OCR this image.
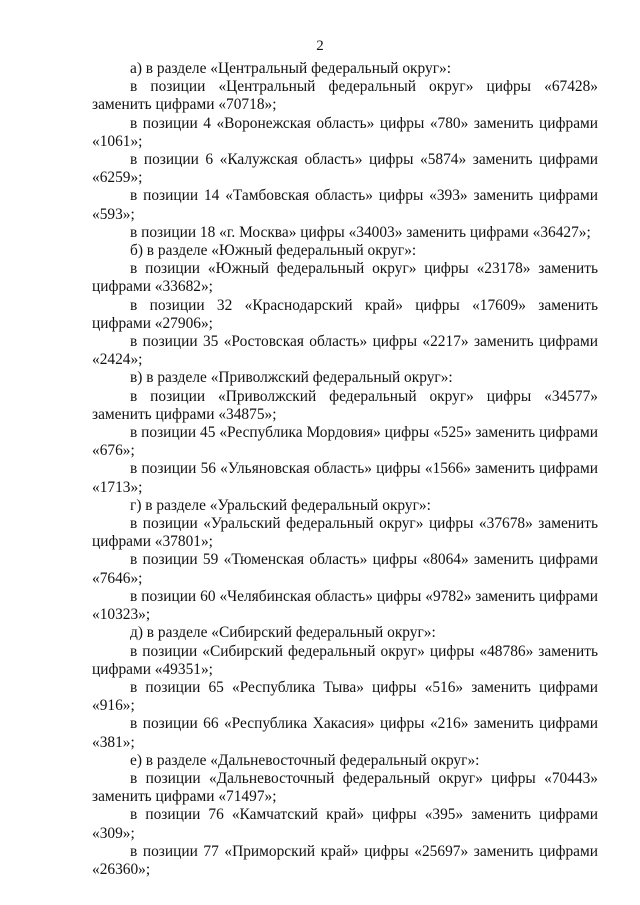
2

а) в разделе «Центральный федеральный округ»:

в позиции «Центральный федеральный округ» цифры «67428» заменить цифрами «70718»;

в позиции 4 «Воронежская область» цифры «780» заменить цифрами «1061»;

в позиции 6 «Калужская область» цифры «5874» заменить цифрами «6259»;

в позиции 14 «Тамбовская область» цифры «393» заменить цифрами «593»;

в позиции 18 «г. Москва» цифры «34003» заменить цифрами «36427»;

б) в разделе «Южный федеральный округ»:

в позиции «Южный федеральный округ» цифры «23178» заменить цифрами «33682»;

в позиции 32 «Краснодарский край» цифры «17609» заменить цифрами «27906»;

в позиции 35 «Ростовская область» цифры «2217» заменить цифрами «2424»;

в) в разделе «Приволжский федеральный округ»:

в позиции «Приволжский федеральный округ» цифры «34577» заменить цифрами «34875»;

в позиции 45 «Республика Мордовия» цифры «525» заменить цифрами «676»;

в позиции 56 «Ульяновская область» цифры «1566» заменить цифрами «1713»;

г) в разделе «Уральский федеральный округ»:

в позиции «Уральский федеральный округ» цифры «37678» заменить цифрами «37801»;

в позиции 59 «Тюменская область» цифры «8064» заменить цифрами «7646»;

в позиции 60 «Челябинская область» цифры «9782» заменить цифрами «10323»;

д) в разделе «Сибирский федеральный округ»:

в позиции «Сибирский федеральный округ» цифры «48786» заменить цифрами «49351»;

в позиции 65 «Республика Тыва» цифры «516» заменить цифрами «916»;

в позиции 66 «Республика Хакасия» цифры «216» заменить цифрами «381»;

е) в разделе «Дальневосточный федеральный округ»:

в позиции «Дальневосточный федеральный округ» цифры «70443» заменить цифрами «71497»;

в позиции 76 «Камчатский край» цифры «395» заменить цифрами «309»;

в позиции 77 «Приморский край» цифры «25697» заменить цифрами «26360»;
